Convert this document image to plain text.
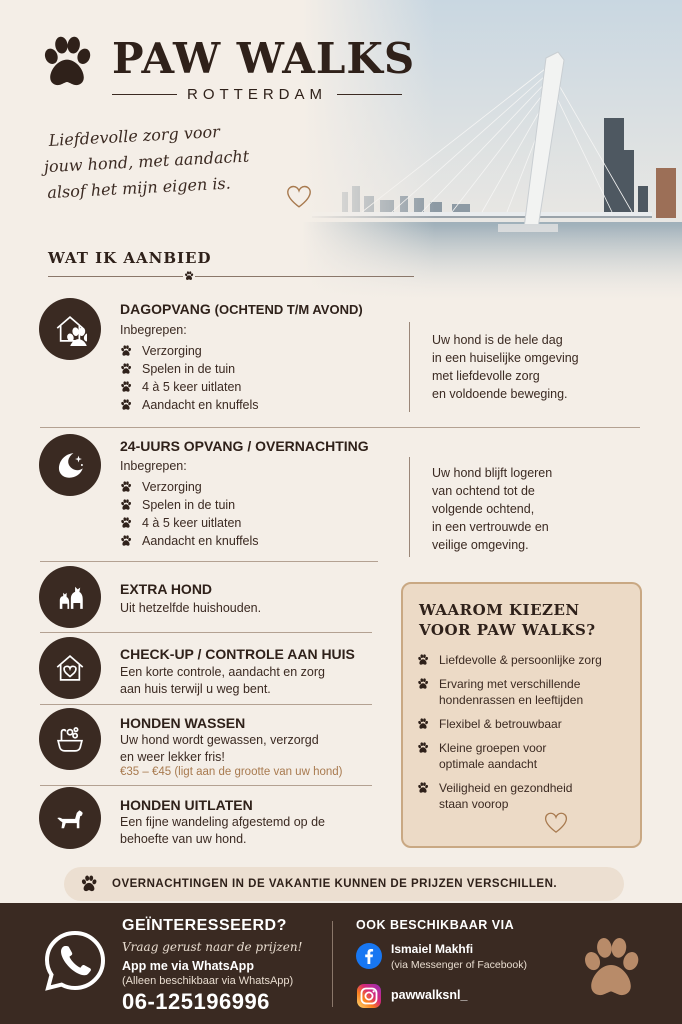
PAW WALKS
ROTTERDAM
Liefdevolle zorg voor
jouw hond, met aandacht
alsof het mijn eigen is.
WAT IK AANBIED
DAGOPVANG (OCHTEND T/M AVOND)
Inbegrepen:
Verzorging
Spelen in de tuin
4 à 5 keer uitlaten
Aandacht en knuffels
Uw hond is de hele dag
in een huiselijke omgeving
met liefdevolle zorg
en voldoende beweging.
24-UURS OPVANG / OVERNACHTING
Inbegrepen:
Verzorging
Spelen in de tuin
4 à 5 keer uitlaten
Aandacht en knuffels
Uw hond blijft logeren
van ochtend tot de
volgende ochtend,
in een vertrouwde en
veilige omgeving.
EXTRA HOND
Uit hetzelfde huishouden.
CHECK-UP / CONTROLE AAN HUIS
Een korte controle, aandacht en zorg
aan huis terwijl u weg bent.
HONDEN WASSEN
Uw hond wordt gewassen, verzorgd
en weer lekker fris!
€35 – €45 (ligt aan de grootte van uw hond)
HONDEN UITLATEN
Een fijne wandeling afgestemd op de
behoefte van uw hond.
WAAROM KIEZEN
VOOR PAW WALKS?
Liefdevolle & persoonlijke zorg
Ervaring met verschillende
hondenrassen en leeftijden
Flexibel & betrouwbaar
Kleine groepen voor
optimale aandacht
Veiligheid en gezondheid
staan voorop
OVERNACHTINGEN IN DE VAKANTIE KUNNEN DE PRIJZEN VERSCHILLEN.
GEÏNTERESSEERD?
Vraag gerust naar de prijzen!
App me via WhatsApp
(Alleen beschikbaar via WhatsApp)
06-125196996
OOK BESCHIKBAAR VIA
Ismaiel Makhfi
(via Messenger of Facebook)
pawwalksnl_
